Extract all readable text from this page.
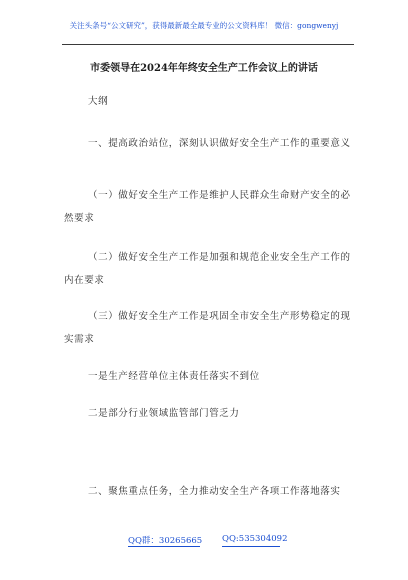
关注头条号“公文研究”，获得最新最全最专业的公文资料库！ 微信：gongwenyj
市委领导在2024年年终安全生产工作会议上的讲话
大纲
一、提高政治站位，深刻认识做好安全生产工作的重要意义
（一）做好安全生产工作是维护人民群众生命财产安全的必然要求
（二）做好安全生产工作是加强和规范企业安全生产工作的内在要求
（三）做好安全生产工作是巩固全市安全生产形势稳定的现实需求
一是生产经营单位主体责任落实不到位
二是部分行业领域监管部门管乏力
二、聚焦重点任务，全力推动安全生产各项工作落地落实
QQ群：30265665 QQ:535304092
